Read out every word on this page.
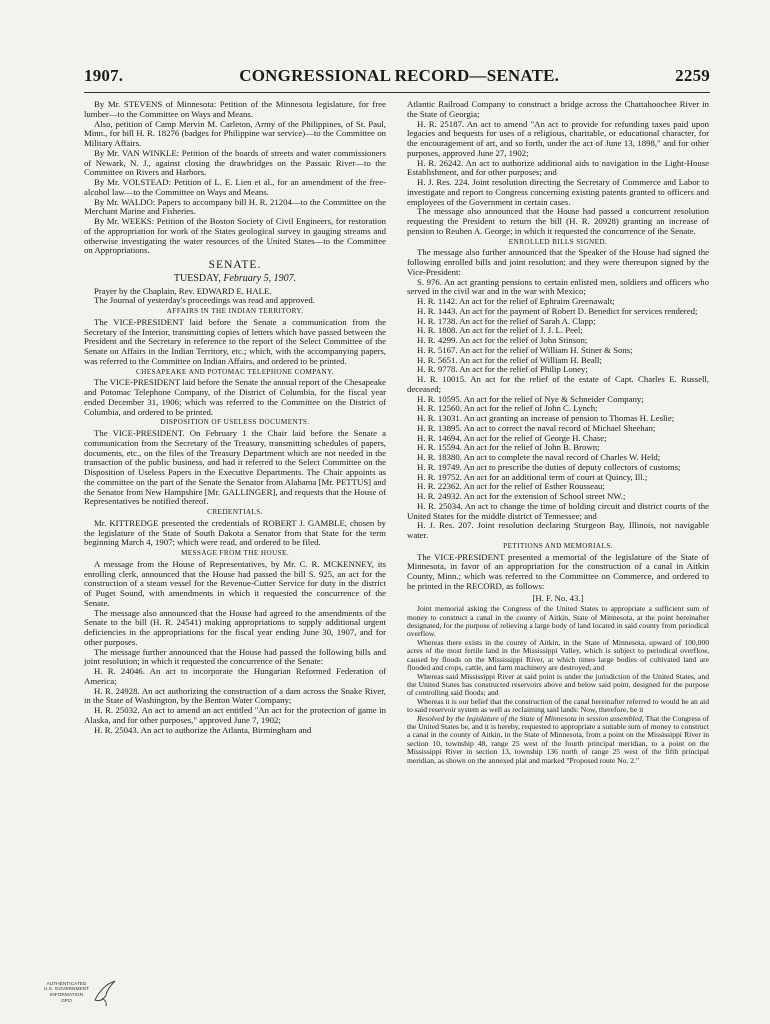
1907.	CONGRESSIONAL RECORD—SENATE.	2259

By Mr. STEVENS of Minnesota: Petition of the Minnesota legislature, for free lumber—to the Committee on Ways and Means.

Also, petition of Camp Mervin M. Carleton, Army of the Philippines, of St. Paul, Minn., for bill H. R. 18276 (badges for Philippine war service)—to the Committee on Military Affairs.

By Mr. VAN WINKLE: Petition of the boards of streets and water commissioners of Newark, N. J., against closing the drawbridges on the Passaic River—to the Committee on Rivers and Harbors.

By Mr. VOLSTEAD: Petition of L. E. Lien et al., for an amendment of the free-alcohol law—to the Committee on Ways and Means.

By Mr. WALDO: Papers to accompany bill H. R. 21204—to the Committee on the Merchant Marine and Fisheries.

By Mr. WEEKS: Petition of the Boston Society of Civil Engineers, for restoration of the appropriation for work of the States geological survey in gauging streams and otherwise investigating the water resources of the United States—to the Committee on Appropriations.

SENATE.

TUESDAY, February 5, 1907.

Prayer by the Chaplain, Rev. EDWARD E. HALE.

The Journal of yesterday's proceedings was read and approved.

AFFAIRS IN THE INDIAN TERRITORY.

The VICE-PRESIDENT laid before the Senate a communication from the Secretary of the Interior, transmitting copies of letters which have passed between the President and the Secretary in reference to the report of the Select Committee of the Senate on Affairs in the Indian Territory, etc.; which, with the accompanying papers, was referred to the Committee on Indian Affairs, and ordered to be printed.

CHESAPEAKE AND POTOMAC TELEPHONE COMPANY.

The VICE-PRESIDENT laid before the Senate the annual report of the Chesapeake and Potomac Telephone Company, of the District of Columbia, for the fiscal year ended December 31, 1906; which was referred to the Committee on the District of Columbia, and ordered to be printed.

DISPOSITION OF USELESS DOCUMENTS.

The VICE-PRESIDENT. On February 1 the Chair laid before the Senate a communication from the Secretary of the Treasury, transmitting schedules of papers, documents, etc., on the files of the Treasury Department which are not needed in the transaction of the public business, and had it referred to the Select Committee on the Disposition of Useless Papers in the Executive Departments. The Chair appoints as the committee on the part of the Senate the Senator from Alabama [Mr. PETTUS] and the Senator from New Hampshire [Mr. GALLINGER], and requests that the House of Representatives be notified thereof.

CREDENTIALS.

Mr. KITTREDGE presented the credentials of ROBERT J. GAMBLE, chosen by the legislature of the State of South Dakota a Senator from that State for the term beginning March 4, 1907; which were read, and ordered to be filed.

MESSAGE FROM THE HOUSE.

A message from the House of Representatives, by Mr. C. R. MCKENNEY, its enrolling clerk, announced that the House had passed the bill S. 925, an act for the construction of a steam vessel for the Revenue-Cutter Service for duty in the district of Puget Sound, with amendments in which it requested the concurrence of the Senate.

The message also announced that the House had agreed to the amendments of the Senate to the bill (H. R. 24541) making appropriations to supply additional urgent deficiencies in the appropriations for the fiscal year ending June 30, 1907, and for other purposes.

The message further announced that the House had passed the following bills and joint resolution; in which it requested the concurrence of the Senate:

H. R. 24046. An act to incorporate the Hungarian Reformed Federation of America;

H. R. 24928. An act authorizing the construction of a dam across the Snake River, in the State of Washington, by the Benton Water Company;

H. R. 25032. An act to amend an act entitled "An act for the protection of game in Alaska, and for other purposes," approved June 7, 1902;

H. R. 25043. An act to authorize the Atlanta, Birmingham and

Atlantic Railroad Company to construct a bridge across the Chattahoochee River in the State of Georgia;

H. R. 25187. An act to amend "An act to provide for refunding taxes paid upon legacies and bequests for uses of a religious, charitable, or educational character, for the encouragement of art, and so forth, under the act of June 13, 1898," and for other purposes, approved June 27, 1902;

H. R. 26242. An act to authorize additional aids to navigation in the Light-House Establishment, and for other purposes; and

H. J. Res. 224. Joint resolution directing the Secretary of Commerce and Labor to investigate and report to Congress concerning existing patents granted to officers and employees of the Government in certain cases.

The message also announced that the House had passed a concurrent resolution requesting the President to return the bill (H. R. 20928) granting an increase of pension to Reuben A. George; in which it requested the concurrence of the Senate.

ENROLLED BILLS SIGNED.

The message also further announced that the Speaker of the House had signed the following enrolled bills and joint resolution; and they were thereupon signed by the Vice-President:

S. 976. An act granting pensions to certain enlisted men, soldiers and officers who served in the civil war and in the war with Mexico;

H. R. 1142. An act for the relief of Ephraim Greenawalt;

H. R. 1443. An act for the payment of Robert D. Benedict for services rendered;

H. R. 1738. An act for the relief of Sarah A. Clapp;

H. R. 1808. An act for the relief of J. J. L. Peel;

H. R. 4299. An act for the relief of John Stinson;

H. R. 5167. An act for the relief of William H. Stiner & Sons;

H. R. 5651. An act for the relief of William H. Beall;

H. R. 9778. An act for the relief of Philip Loney;

H. R. 10015. An act for the relief of the estate of Capt. Charles E. Russell, deceased;

H. R. 10595. An act for the relief of Nye & Schneider Company;

H. R. 12560. An act for the relief of John C. Lynch;

H. R. 13031. An act granting an increase of pension to Thomas H. Leslie;

H. R. 13895. An act to correct the naval record of Michael Sheehan;

H. R. 14694. An act for the relief of George H. Chase;

H. R. 15594. An act for the relief of John B. Brown;

H. R. 18380. An act to complete the naval record of Charles W. Held;

H. R. 19749. An act to prescribe the duties of deputy collectors of customs;

H. R. 19752. An act for an additional term of court at Quincy, Ill.;

H. R. 22362. An act for the relief of Esther Rousseau;

H. R. 24932. An act for the extension of School street NW.;

H. R. 25034. An act to change the time of holding circuit and district courts of the United States for the middle district of Tennessee; and

H. J. Res. 207. Joint resolution declaring Sturgeon Bay, Illinois, not navigable water.

PETITIONS AND MEMORIALS.

The VICE-PRESIDENT presented a memorial of the legislature of the State of Minnesota, in favor of an appropriation for the construction of a canal in Aitkin County, Minn.; which was referred to the Committee on Commerce, and ordered to be printed in the RECORD, as follows:

[H. F. No. 43.]

Joint memorial asking the Congress of the United States to appropriate a sufficient sum of money to construct a canal in the county of Aitkin, State of Minnesota, at the point hereinafter designated, for the purpose of relieving a large body of land located in said county from periodical overflow.

Whereas there exists in the county of Aitkin, in the State of Minnesota, upward of 100,000 acres of the most fertile land in the Mississippi Valley, which is subject to periodical overflow, caused by floods on the Mississippi River, at which times large bodies of cultivated land are flooded and crops, cattle, and farm machinery are destroyed; and

Whereas said Mississippi River at said point is under the jurisdiction of the United States, and the United States has constructed reservoirs above and below said point, designed for the purpose of controlling said floods; and

Whereas it is our belief that the construction of the canal hereinafter referred to would be an aid to said reservoir system as well as reclaiming said lands: Now, therefore, be it

Resolved by the legislature of the State of Minnesota in session assembled, That the Congress of the United States be, and it is hereby, requested to appropriate a suitable sum of money to construct a canal in the county of Aitkin, in the State of Minnesota, from a point on the Mississippi River in section 10, township 48, range 25 west of the fourth principal meridian, to a point on the Mississippi River in section 13, township 136 north of range 25 west of the fifth principal meridian, as shown on the annexed plat and marked "Proposed route No. 2."

AUTHENTICATED
U.S. GOVERNMENT
INFORMATION
GPO
